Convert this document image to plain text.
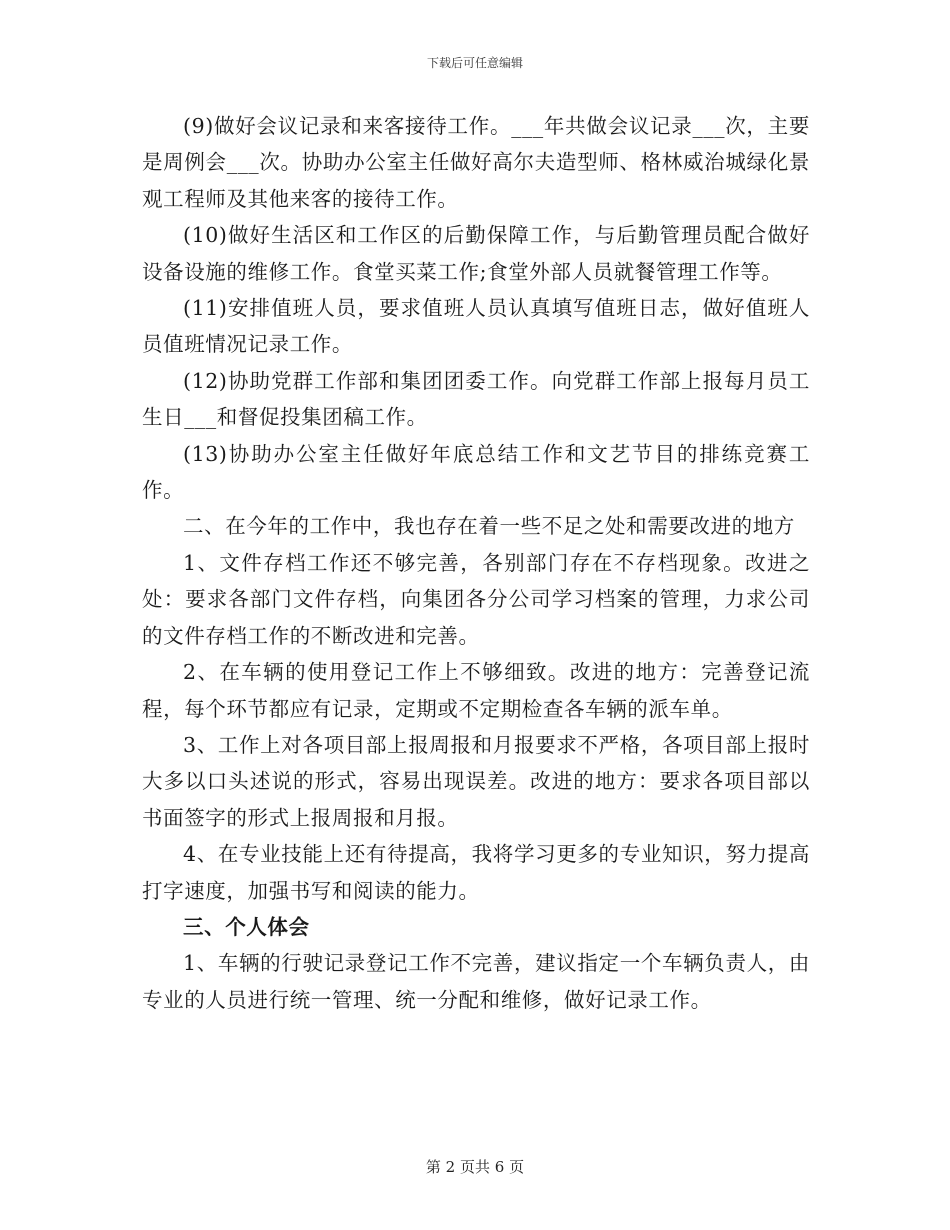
下载后可任意编辑

(9)做好会议记录和来客接待工作。___年共做会议记录___次，主要是周例会___次。协助办公室主任做好高尔夫造型师、格林威治城绿化景观工程师及其他来客的接待工作。

(10)做好生活区和工作区的后勤保障工作，与后勤管理员配合做好设备设施的维修工作。食堂买菜工作;食堂外部人员就餐管理工作等。

(11)安排值班人员，要求值班人员认真填写值班日志，做好值班人员值班情况记录工作。

(12)协助党群工作部和集团团委工作。向党群工作部上报每月员工生日___和督促投集团稿工作。

(13)协助办公室主任做好年底总结工作和文艺节目的排练竞赛工作。

二、在今年的工作中，我也存在着一些不足之处和需要改进的地方

1、文件存档工作还不够完善，各别部门存在不存档现象。改进之处：要求各部门文件存档，向集团各分公司学习档案的管理，力求公司的文件存档工作的不断改进和完善。

2、在车辆的使用登记工作上不够细致。改进的地方：完善登记流程，每个环节都应有记录，定期或不定期检查各车辆的派车单。

3、工作上对各项目部上报周报和月报要求不严格，各项目部上报时大多以口头述说的形式，容易出现误差。改进的地方：要求各项目部以书面签字的形式上报周报和月报。

4、在专业技能上还有待提高，我将学习更多的专业知识，努力提高打字速度，加强书写和阅读的能力。

三、个人体会

1、车辆的行驶记录登记工作不完善，建议指定一个车辆负责人，由专业的人员进行统一管理、统一分配和维修，做好记录工作。

第 2 页共 6 页
